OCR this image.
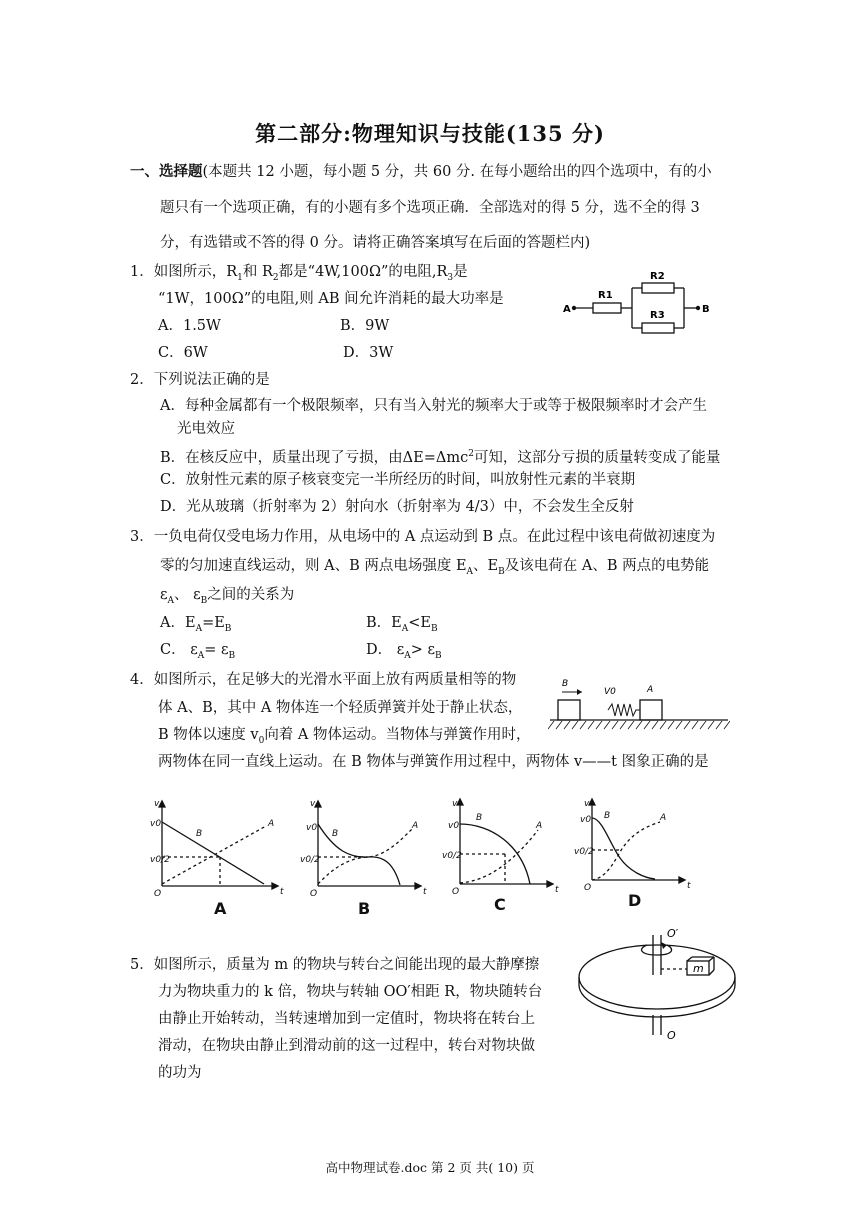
第二部分:物理知识与技能(135 分)
一、选择题(本题共 12 小题，每小题 5 分，共 60 分. 在每小题给出的四个选项中，有的小
题只有一个选项正确，有的小题有多个选项正确．全部选对的得 5 分，选不全的得 3
分，有选错或不答的得 0 分。请将正确答案填写在后面的答题栏内)
1．如图所示，$R_1$和 $R_2$都是“4W,100Ω”的电阻$,R_3$是
“1W，100Ω”的电阻,则 AB 间允许消耗的最大功率是
A．1.5W	B．9W
C．6W	D．3W
A	B
R1
R2
R3
2．下列说法正确的是
A．每种金属都有一个极限频率，只有当入射光的频率大于或等于极限频率时才会产生
光电效应
B．在核反应中，质量出现了亏损，由ΔE=Δmc$^2$可知，这部分亏损的质量转变成了能量
C．放射性元素的原子核衰变完一半所经历的时间，叫放射性元素的半衰期
D．光从玻璃（折射率为 2）射向水（折射率为 4/3）中，不会发生全反射
3．一负电荷仅受电场力作用，从电场中的 A 点运动到 B 点。在此过程中该电荷做初速度为
零的匀加速直线运动，则 A、B 两点电场强度 $E_A$、$E_B$及该电荷在 A、B 两点的电势能
$\varepsilon_A$、 $\varepsilon_B$之间的关系为
A．$E_A=E_B$	B．$E_A<E_B$
C． $\varepsilon_A= \varepsilon_B$	D． $\varepsilon_A> \varepsilon_B$
4．如图所示，在足够大的光滑水平面上放有两质量相等的物
体 A、B，其中 A 物体连一个轻质弹簧并处于静止状态，
B 物体以速度 $v_0$向着 A 物体运动。当物体与弹簧作用时，
两物体在同一直线上运动。在 B 物体与弹簧作用过程中，两物体 v——t 图象正确的是
B
V0	A
v
v0
v0/2
O	t
B
A
v
v0
v0/2
O	t
B
A
v
v0
v0/2
O	t
B
A
v
v0
v0/2
O	t
B	A
A	B	C	D
5．如图所示，质量为 m 的物块与转台之间能出现的最大静摩擦
力为物块重力的 k 倍，物块与转轴 OO′相距 R，物块随转台
由静止开始转动，当转速增加到一定值时，物块将在转台上
滑动，在物块由静止到滑动前的这一过程中，转台对物块做
的功为
O′
O
m
高中物理试卷.doc 第 2 页 共( 10) 页
